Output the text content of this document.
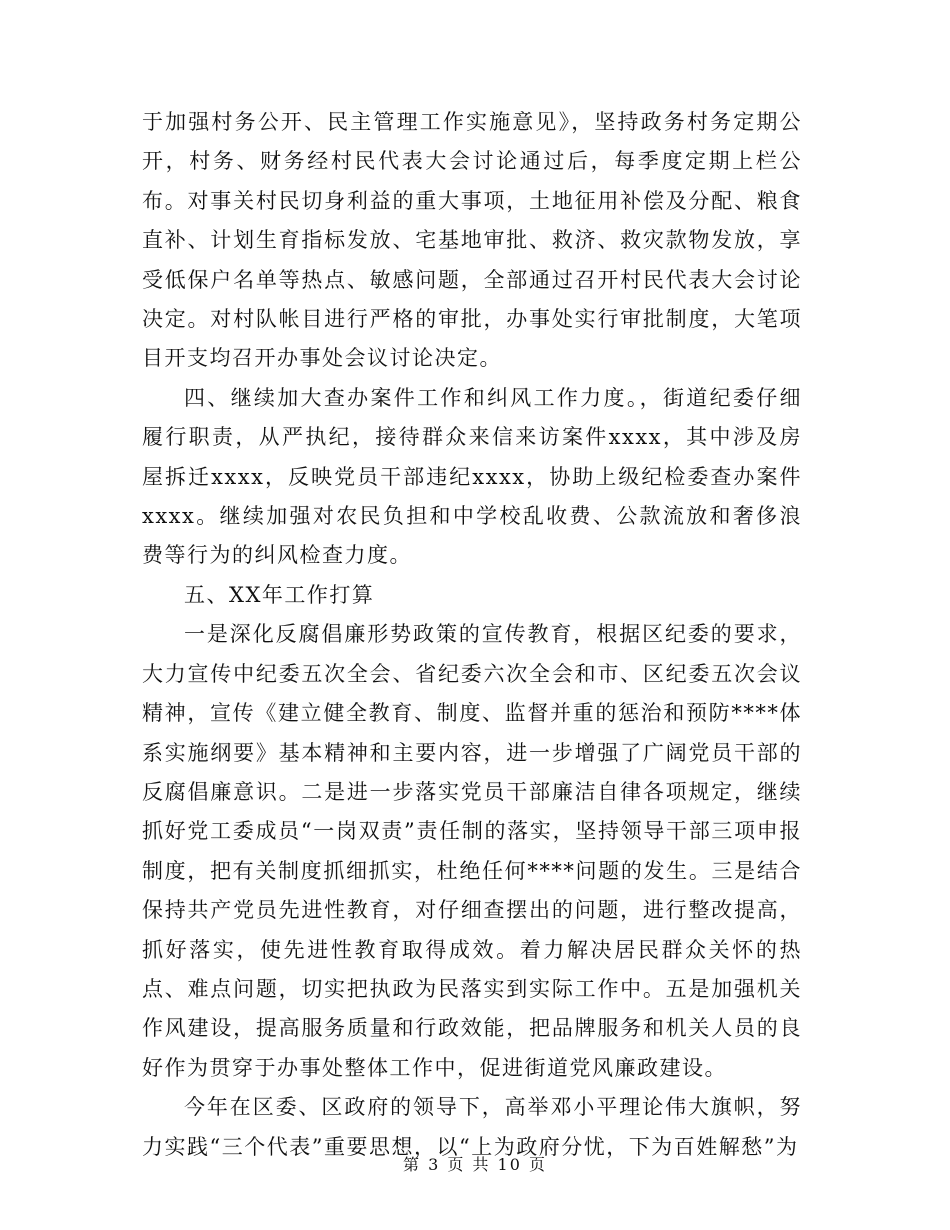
于加强村务公开、民主管理工作实施意见》，坚持政务村务定期公开，村务、财务经村民代表大会讨论通过后，每季度定期上栏公布。对事关村民切身利益的重大事项，土地征用补偿及分配、粮食直补、计划生育指标发放、宅基地审批、救济、救灾款物发放，享受低保户名单等热点、敏感问题，全部通过召开村民代表大会讨论决定。对村队帐目进行严格的审批，办事处实行审批制度，大笔项目开支均召开办事处会议讨论决定。

四、继续加大查办案件工作和纠风工作力度。，街道纪委仔细履行职责，从严执纪，接待群众来信来访案件xxxx，其中涉及房屋拆迁xxxx，反映党员干部违纪xxxx，协助上级纪检委查办案件xxxx。继续加强对农民负担和中学校乱收费、公款流放和奢侈浪费等行为的纠风检查力度。

五、XX年工作打算

一是深化反腐倡廉形势政策的宣传教育，根据区纪委的要求，大力宣传中纪委五次全会、省纪委六次全会和市、区纪委五次会议精神，宣传《建立健全教育、制度、监督并重的惩治和预防****体系实施纲要》基本精神和主要内容，进一步增强了广阔党员干部的反腐倡廉意识。二是进一步落实党员干部廉洁自律各项规定，继续抓好党工委成员“一岗双责”责任制的落实，坚持领导干部三项申报制度，把有关制度抓细抓实，杜绝任何****问题的发生。三是结合保持共产党员先进性教育，对仔细查摆出的问题，进行整改提高，抓好落实，使先进性教育取得成效。着力解决居民群众关怀的热点、难点问题，切实把执政为民落实到实际工作中。五是加强机关作风建设，提高服务质量和行政效能，把品牌服务和机关人员的良好作为贯穿于办事处整体工作中，促进街道党风廉政建设。

今年在区委、区政府的领导下，高举邓小平理论伟大旗帜，努力实践“三个代表”重要思想，以“上为政府分忧，下为百姓解愁”为

第 3 页 共 10 页
